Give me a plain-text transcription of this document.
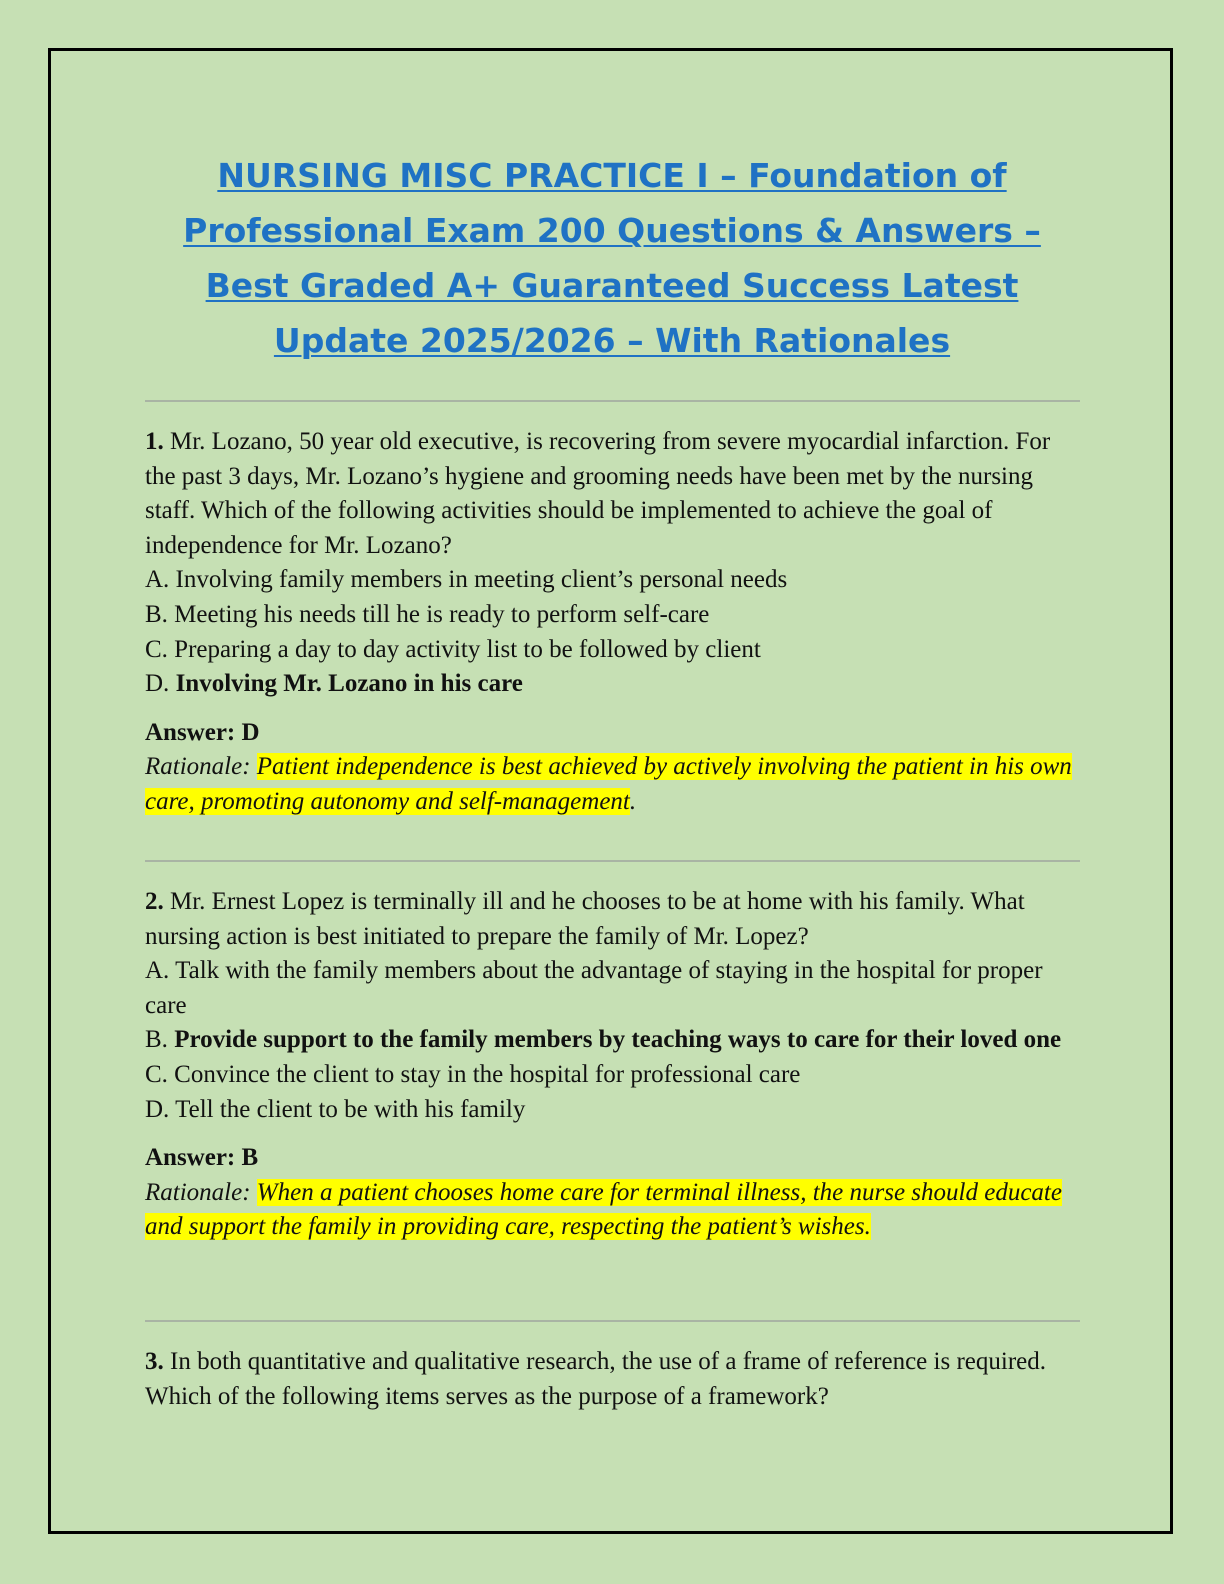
NURSING MISC PRACTICE I – Foundation of
Professional Exam 200 Questions & Answers –
Best Graded A+ Guaranteed Success Latest
Update 2025/2026 – With Rationales

1. Mr. Lozano, 50 year old executive, is recovering from severe myocardial infarction. For the past 3 days, Mr. Lozano’s hygiene and grooming needs have been met by the nursing staff. Which of the following activities should be implemented to achieve the goal of independence for Mr. Lozano?

A. Involving family members in meeting client’s personal needs

B. Meeting his needs till he is ready to perform self-care

C. Preparing a day to day activity list to be followed by client

D. Involving Mr. Lozano in his care

Answer: D

Rationale: Patient independence is best achieved by actively involving the patient in his own care, promoting autonomy and self-management.

2. Mr. Ernest Lopez is terminally ill and he chooses to be at home with his family. What nursing action is best initiated to prepare the family of Mr. Lopez?

A. Talk with the family members about the advantage of staying in the hospital for proper care

B. Provide support to the family members by teaching ways to care for their loved one

C. Convince the client to stay in the hospital for professional care

D. Tell the client to be with his family

Answer: B

Rationale: When a patient chooses home care for terminal illness, the nurse should educate and support the family in providing care, respecting the patient’s wishes.

3. In both quantitative and qualitative research, the use of a frame of reference is required. Which of the following items serves as the purpose of a framework?
